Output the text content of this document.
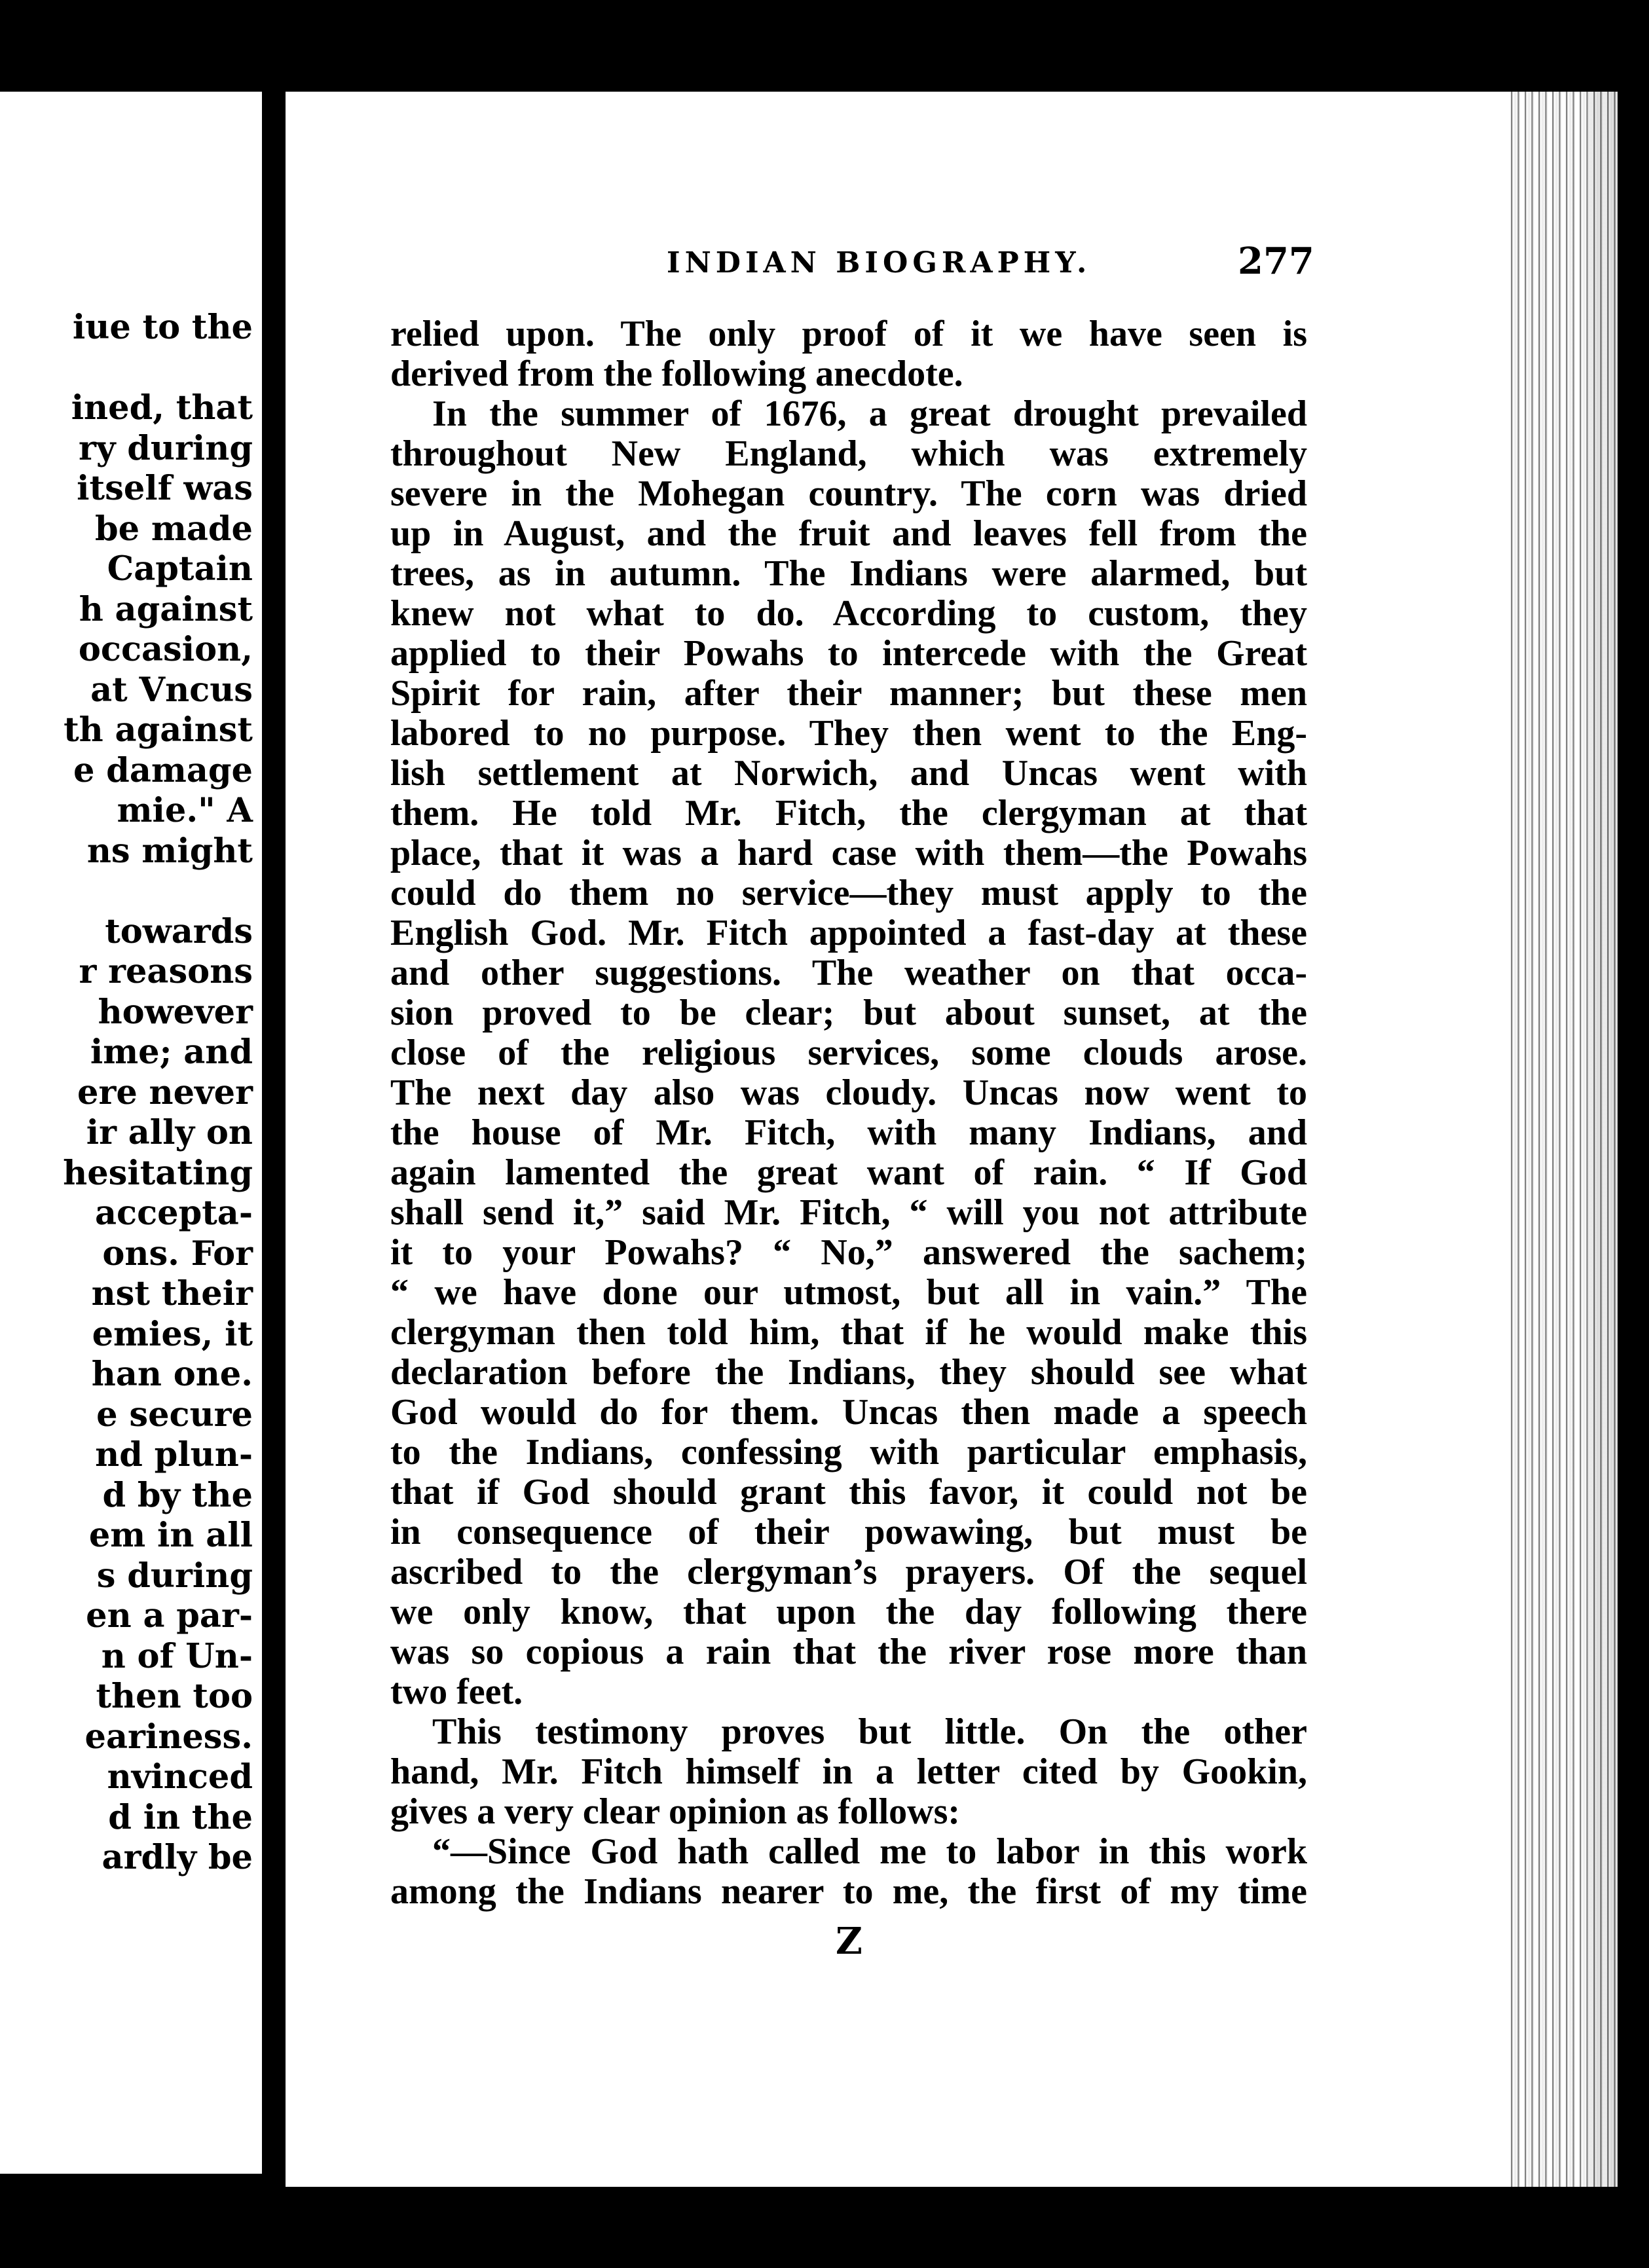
iue to the
ined, that
ry during
itself was
be made
Captain
h against
occasion,
at Vncus
th against
e damage
mie." A
ns might
towards
r reasons
however
ime; and
ere never
ir ally on
hesitating
accepta-
ons. For
nst their
emies, it
han one.
e secure
nd plun-
d by the
em in all
s during
en a par-
n of Un-
then too
eariness.
nvinced
d in the
ardly be
INDIAN BIOGRAPHY.	277
relied upon. The only proof of it we have seen is
derived from the following anecdote.
In the summer of 1676, a great drought prevailed
throughout New England, which was extremely
severe in the Mohegan country. The corn was dried
up in August, and the fruit and leaves fell from the
trees, as in autumn. The Indians were alarmed, but
knew not what to do. According to custom, they
applied to their Powahs to intercede with the Great
Spirit for rain, after their manner; but these men
labored to no purpose. They then went to the Eng-
lish settlement at Norwich, and Uncas went with
them. He told Mr. Fitch, the clergyman at that
place, that it was a hard case with them—the Powahs
could do them no service—they must apply to the
English God. Mr. Fitch appointed a fast-day at these
and other suggestions. The weather on that occa-
sion proved to be clear; but about sunset, at the
close of the religious services, some clouds arose.
The next day also was cloudy. Uncas now went to
the house of Mr. Fitch, with many Indians, and
again lamented the great want of rain. “ If God
shall send it,” said Mr. Fitch, “ will you not attribute
it to your Powahs? “ No,” answered the sachem;
“ we have done our utmost, but all in vain.” The
clergyman then told him, that if he would make this
declaration before the Indians, they should see what
God would do for them. Uncas then made a speech
to the Indians, confessing with particular emphasis,
that if God should grant this favor, it could not be
in consequence of their powawing, but must be
ascribed to the clergyman’s prayers. Of the sequel
we only know, that upon the day following there
was so copious a rain that the river rose more than
two feet.
This testimony proves but little. On the other
hand, Mr. Fitch himself in a letter cited by Gookin,
gives a very clear opinion as follows:
“—Since God hath called me to labor in this work
among the Indians nearer to me, the first of my time
Z
